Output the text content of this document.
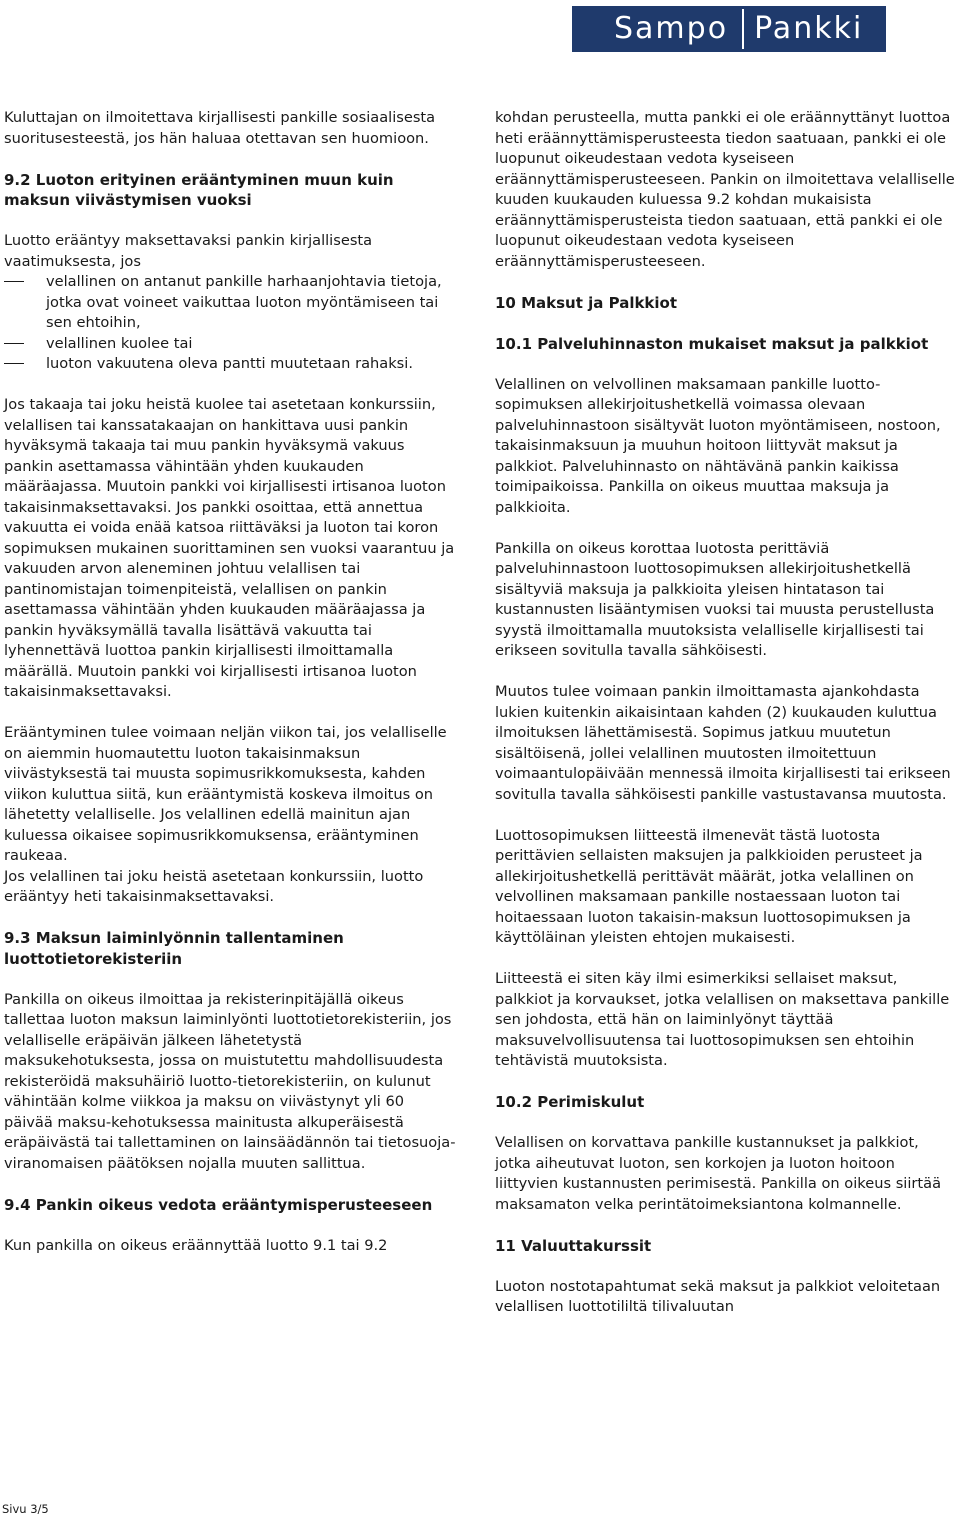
Sampo Pankki

Kuluttajan on ilmoitettava kirjallisesti pankille sosiaalisesta suoritusesteestä, jos hän haluaa otettavan sen huomioon.

9.2 Luoton erityinen erääntyminen muun kuin maksun viivästymisen vuoksi

Luotto erääntyy maksettavaksi pankin kirjallisesta vaatimuksesta, jos

velallinen on antanut pankille harhaanjohtavia tietoja, jotka ovat voineet vaikuttaa luoton myöntämiseen tai sen ehtoihin,
velallinen kuolee tai
luoton vakuutena oleva pantti muutetaan rahaksi.

Jos takaaja tai joku heistä kuolee tai asetetaan konkurssiin, velallisen tai kanssatakaajan on hankittava uusi pankin hyväksymä takaaja tai muu pankin hyväksymä vakuus pankin asettamassa vähintään yhden kuukauden määräajassa. Muutoin pankki voi kirjallisesti irtisanoa luoton takaisinmaksettavaksi. Jos pankki osoittaa, että annettua vakuutta ei voida enää katsoa riittäväksi ja luoton tai koron sopimuksen mukainen suorittaminen sen vuoksi vaarantuu ja vakuuden arvon aleneminen johtuu velallisen tai pantinomistajan toimenpiteistä, velallisen on pankin asettamassa vähintään yhden kuukauden määräajassa ja pankin hyväksymällä tavalla lisättävä vakuutta tai lyhennettävä luottoa pankin kirjallisesti ilmoittamalla määrällä. Muutoin pankki voi kirjallisesti irtisanoa luoton takaisinmaksettavaksi.

Erääntyminen tulee voimaan neljän viikon tai, jos velalliselle on aiemmin huomautettu luoton takaisinmaksun viivästyksestä tai muusta sopimusrikkomuksesta, kahden viikon kuluttua siitä, kun erääntymistä koskeva ilmoitus on lähetetty velalliselle. Jos velallinen edellä mainitun ajan kuluessa oikaisee sopimusrikkomuksensa, erääntyminen raukeaa.

Jos velallinen tai joku heistä asetetaan konkurssiin, luotto erääntyy heti takaisinmaksettavaksi.

9.3 Maksun laiminlyönnin tallentaminen luottotietorekisteriin

Pankilla on oikeus ilmoittaa ja rekisterinpitäjällä oikeus tallettaa luoton maksun laiminlyönti luottotietorekisteriin, jos velalliselle eräpäivän jälkeen lähetetystä maksukehotuksesta, jossa on muistutettu mahdollisuudesta rekisteröidä maksuhäiriö luotto-tietorekisteriin, on kulunut vähintään kolme viikkoa ja maksu on viivästynyt yli 60 päivää maksu-kehotuksessa mainitusta alkuperäisestä eräpäivästä tai tallettaminen on lainsäädännön tai tietosuoja-viranomaisen päätöksen nojalla muuten sallittua.

9.4 Pankin oikeus vedota erääntymisperusteeseen

Kun pankilla on oikeus eräännyttää luotto 9.1 tai 9.2

kohdan perusteella, mutta pankki ei ole eräännyttänyt luottoa heti eräännyttämisperusteesta tiedon saatuaan, pankki ei ole luopunut oikeudestaan vedota kyseiseen eräännyttämisperusteeseen. Pankin on ilmoitettava velalliselle kuuden kuukauden kuluessa 9.2 kohdan mukaisista eräännyttämisperusteista tiedon saatuaan, että pankki ei ole luopunut oikeudestaan vedota kyseiseen eräännyttämisperusteeseen.

10 Maksut ja Palkkiot
10.1 Palveluhinnaston mukaiset maksut ja palkkiot

Velallinen on velvollinen maksamaan pankille luotto-sopimuksen allekirjoitushetkellä voimassa olevaan palveluhinnastoon sisältyvät luoton myöntämiseen, nostoon, takaisinmaksuun ja muuhun hoitoon liittyvät maksut ja palkkiot. Palveluhinnasto on nähtävänä pankin kaikissa toimipaikoissa. Pankilla on oikeus muuttaa maksuja ja palkkioita.

Pankilla on oikeus korottaa luotosta perittäviä palveluhinnastoon luottosopimuksen allekirjoitushetkellä sisältyviä maksuja ja palkkioita yleisen hintatason tai kustannusten lisääntymisen vuoksi tai muusta perustellusta syystä ilmoittamalla muutoksista velalliselle kirjallisesti tai erikseen sovitulla tavalla sähköisesti.

Muutos tulee voimaan pankin ilmoittamasta ajankohdasta lukien kuitenkin aikaisintaan kahden (2) kuukauden kuluttua ilmoituksen lähettämisestä. Sopimus jatkuu muutetun sisältöisenä, jollei velallinen muutosten ilmoitettuun voimaantulopäivään mennessä ilmoita kirjallisesti tai erikseen sovitulla tavalla sähköisesti pankille vastustavansa muutosta.

Luottosopimuksen liitteestä ilmenevät tästä luotosta perittävien sellaisten maksujen ja palkkioiden perusteet ja allekirjoitushetkellä perittävät määrät, jotka velallinen on velvollinen maksamaan pankille nostaessaan luoton tai hoitaessaan luoton takaisin-maksun luottosopimuksen ja käyttöläinan yleisten ehtojen mukaisesti.

Liitteestä ei siten käy ilmi esimerkiksi sellaiset maksut, palkkiot ja korvaukset, jotka velallisen on maksettava pankille sen johdosta, että hän on laiminlyönyt täyttää maksuvelvollisuutensa tai luottosopimuksen sen ehtoihin tehtävistä muutoksista.

10.2 Perimiskulut

Velallisen on korvattava pankille kustannukset ja palkkiot, jotka aiheutuvat luoton, sen korkojen ja luoton hoitoon liittyvien kustannusten perimisestä. Pankilla on oikeus siirtää maksamaton velka perintätoimeksiantona kolmannelle.

11 Valuuttakurssit

Luoton nostotapahtumat sekä maksut ja palkkiot veloitetaan velallisen luottotililtä tilivaluutan

Sivu 3/5
